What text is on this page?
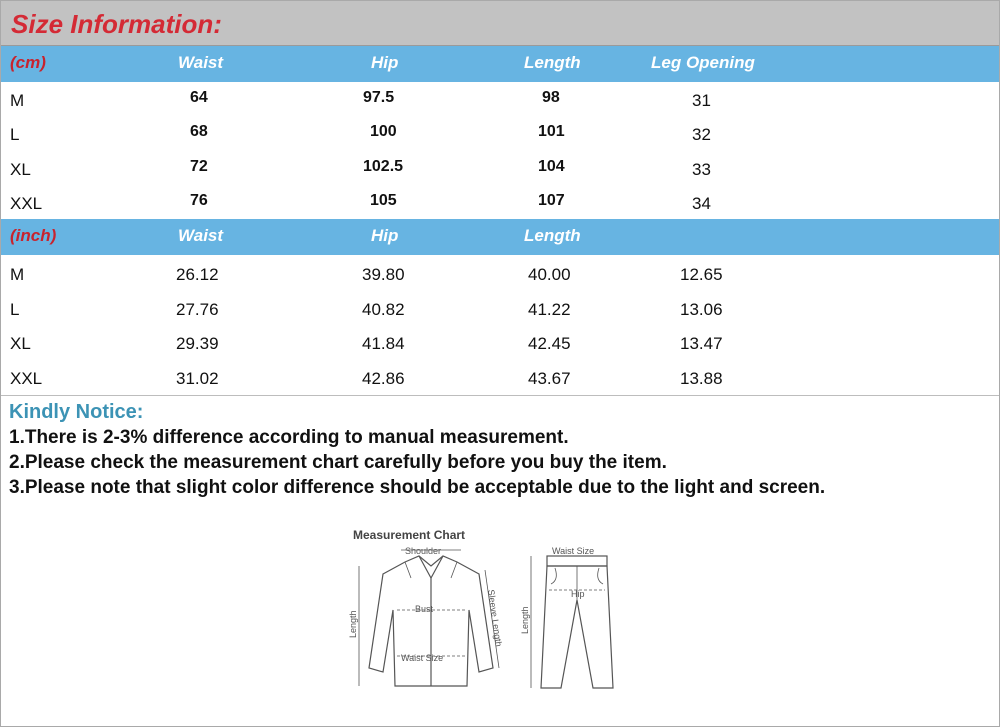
Size Information:
(cm)	Waist	Hip	Length	Leg Opening
M	64	97.5	98	31
L	68	100	101	32
XL	72	102.5	104	33
XXL	76	105	107	34
(inch)	Waist	Hip	Length
M	26.12	39.80	40.00	12.65
L	27.76	40.82	41.22	13.06
XL	29.39	41.84	42.45	13.47
XXL	31.02	42.86	43.67	13.88
Kindly Notice:
1.There is 2-3% difference according to manual measurement.
2.Please check the measurement chart carefully before you buy the item.
3.Please note that slight color difference should be acceptable due to the light and screen.
Shoulder
Bust
Waist Size
Length	Sleeve Length
Waist Size
Hip
Length
Measurement Chart
